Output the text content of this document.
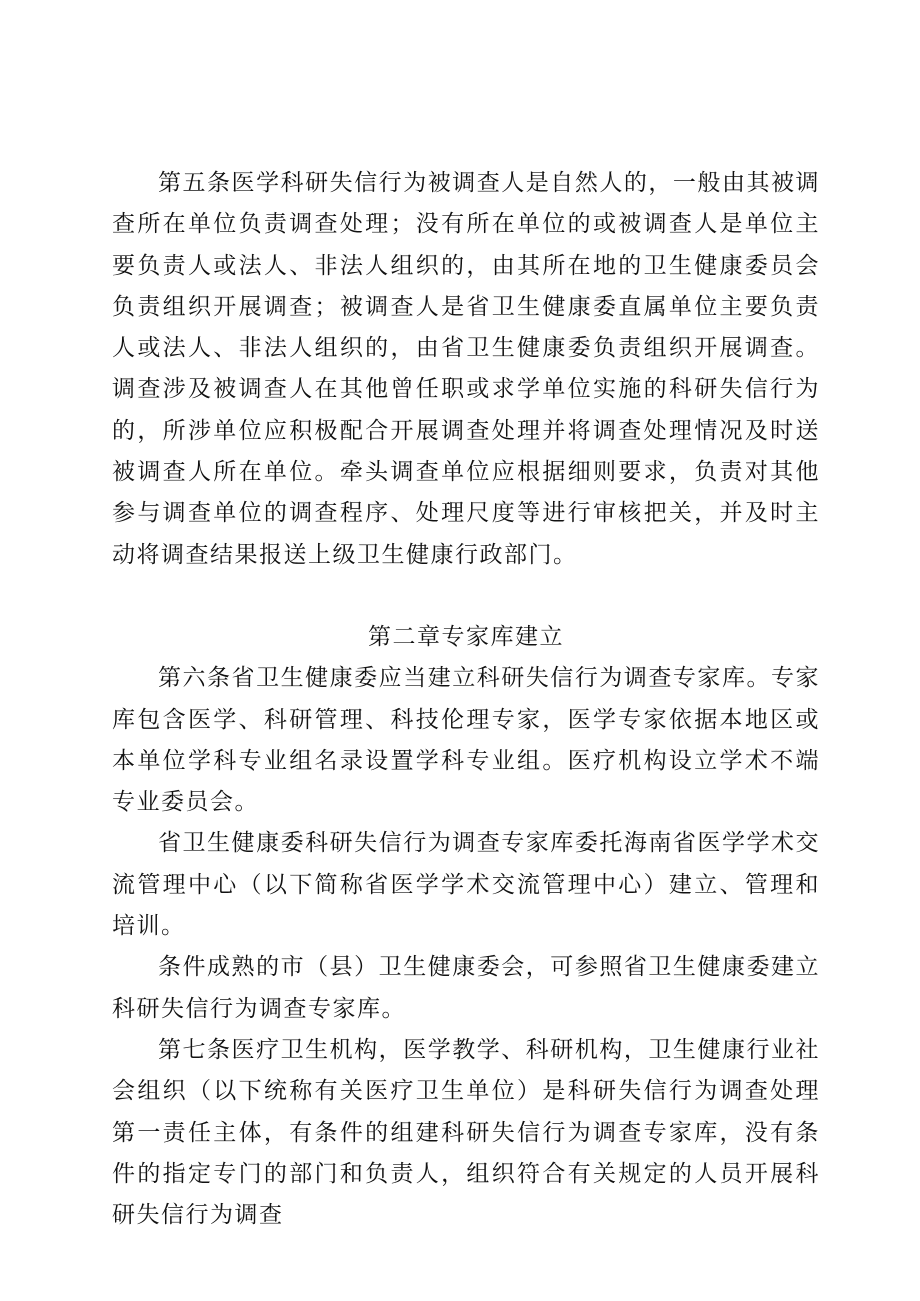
第五条医学科研失信行为被调查人是自然人的，一般由其被调查所在单位负责调查处理；没有所在单位的或被调查人是单位主要负责人或法人、非法人组织的，由其所在地的卫生健康委员会负责组织开展调查；被调查人是省卫生健康委直属单位主要负责人或法人、非法人组织的，由省卫生健康委负责组织开展调查。调查涉及被调查人在其他曾任职或求学单位实施的科研失信行为的，所涉单位应积极配合开展调查处理并将调查处理情况及时送被调查人所在单位。牵头调查单位应根据细则要求，负责对其他参与调查单位的调查程序、处理尺度等进行审核把关，并及时主动将调查结果报送上级卫生健康行政部门。

第二章专家库建立

第六条省卫生健康委应当建立科研失信行为调查专家库。专家库包含医学、科研管理、科技伦理专家，医学专家依据本地区或本单位学科专业组名录设置学科专业组。医疗机构设立学术不端专业委员会。

省卫生健康委科研失信行为调查专家库委托海南省医学学术交流管理中心（以下简称省医学学术交流管理中心）建立、管理和培训。

条件成熟的市（县）卫生健康委会，可参照省卫生健康委建立科研失信行为调查专家库。

第七条医疗卫生机构，医学教学、科研机构，卫生健康行业社会组织（以下统称有关医疗卫生单位）是科研失信行为调查处理第一责任主体，有条件的组建科研失信行为调查专家库，没有条件的指定专门的部门和负责人，组织符合有关规定的人员开展科研失信行为调查
